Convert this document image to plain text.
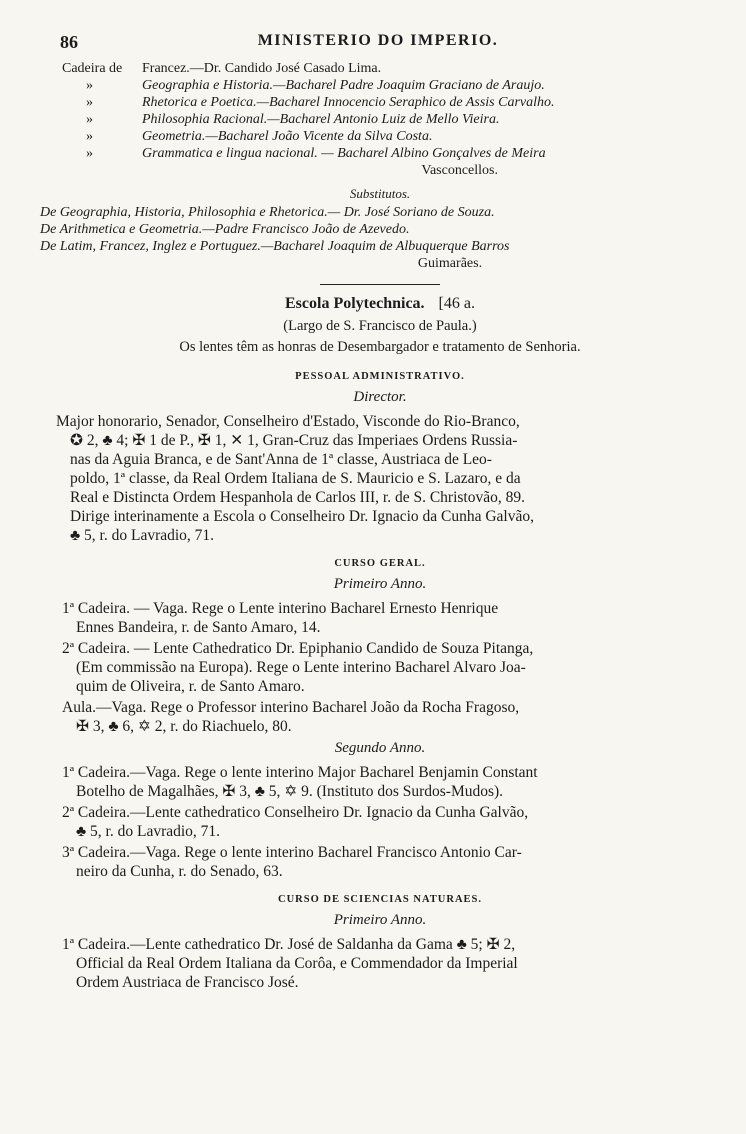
86	MINISTERIO DO IMPERIO.
Cadeira de	Francez.—Dr. Candido José Casado Lima.
»	Geographia e Historia.—Bacharel Padre Joaquim Graciano de Araujo.
»	Rhetorica e Poetica.—Bacharel Innocencio Seraphico de Assis Carvalho.
»	Philosophia Racional.—Bacharel Antonio Luiz de Mello Vieira.
»	Geometria.—Bacharel João Vicente da Silva Costa.
»	Grammatica e lingua nacional. — Bacharel Albino Gonçalves de Meira
Vasconcellos.
Substitutos.
De Geographia, Historia, Philosophia e Rhetorica.— Dr. José Soriano de Souza.
De Arithmetica e Geometria.—Padre Francisco João de Azevedo.
De Latim, Francez, Inglez e Portuguez.—Bacharel Joaquim de Albuquerque Barros
Guimarães.
Escola Polytechnica. [46 a.
(Largo de S. Francisco de Paula.)
Os lentes têm as honras de Desembargador e tratamento de Senhoria.
PESSOAL ADMINISTRATIVO.
Director.
Major honorario, Senador, Conselheiro d'Estado, Visconde do Rio-Branco,
✪ 2, ♣ 4; ✠ 1 de P., ✠ 1, ✕ 1, Gran-Cruz das Imperiaes Ordens Russia-
nas da Aguia Branca, e de Sant'Anna de 1ª classe, Austriaca de Leo-
poldo, 1ª classe, da Real Ordem Italiana de S. Mauricio e S. Lazaro, e da
Real e Distincta Ordem Hespanhola de Carlos III, r. de S. Christovão, 89.
Dirige interinamente a Escola o Conselheiro Dr. Ignacio da Cunha Galvão,
♣ 5, r. do Lavradio, 71.
CURSO GERAL.
Primeiro Anno.
1ª Cadeira. — Vaga. Rege o Lente interino Bacharel Ernesto Henrique
Ennes Bandeira, r. de Santo Amaro, 14.
2ª Cadeira. — Lente Cathedratico Dr. Epiphanio Candido de Souza Pitanga,
(Em commissão na Europa). Rege o Lente interino Bacharel Alvaro Joa-
quim de Oliveira, r. de Santo Amaro.
Aula.—Vaga. Rege o Professor interino Bacharel João da Rocha Fragoso,
✠ 3, ♣ 6, ✡ 2, r. do Riachuelo, 80.
Segundo Anno.
1ª Cadeira.—Vaga. Rege o lente interino Major Bacharel Benjamin Constant
Botelho de Magalhães, ✠ 3, ♣ 5, ✡ 9. (Instituto dos Surdos-Mudos).
2ª Cadeira.—Lente cathedratico Conselheiro Dr. Ignacio da Cunha Galvão,
♣ 5, r. do Lavradio, 71.
3ª Cadeira.—Vaga. Rege o lente interino Bacharel Francisco Antonio Car-
neiro da Cunha, r. do Senado, 63.
CURSO DE SCIENCIAS NATURAES.
Primeiro Anno.
1ª Cadeira.—Lente cathedratico Dr. José de Saldanha da Gama ♣ 5; ✠ 2,
Official da Real Ordem Italiana da Corôa, e Commendador da Imperial
Ordem Austriaca de Francisco José.
